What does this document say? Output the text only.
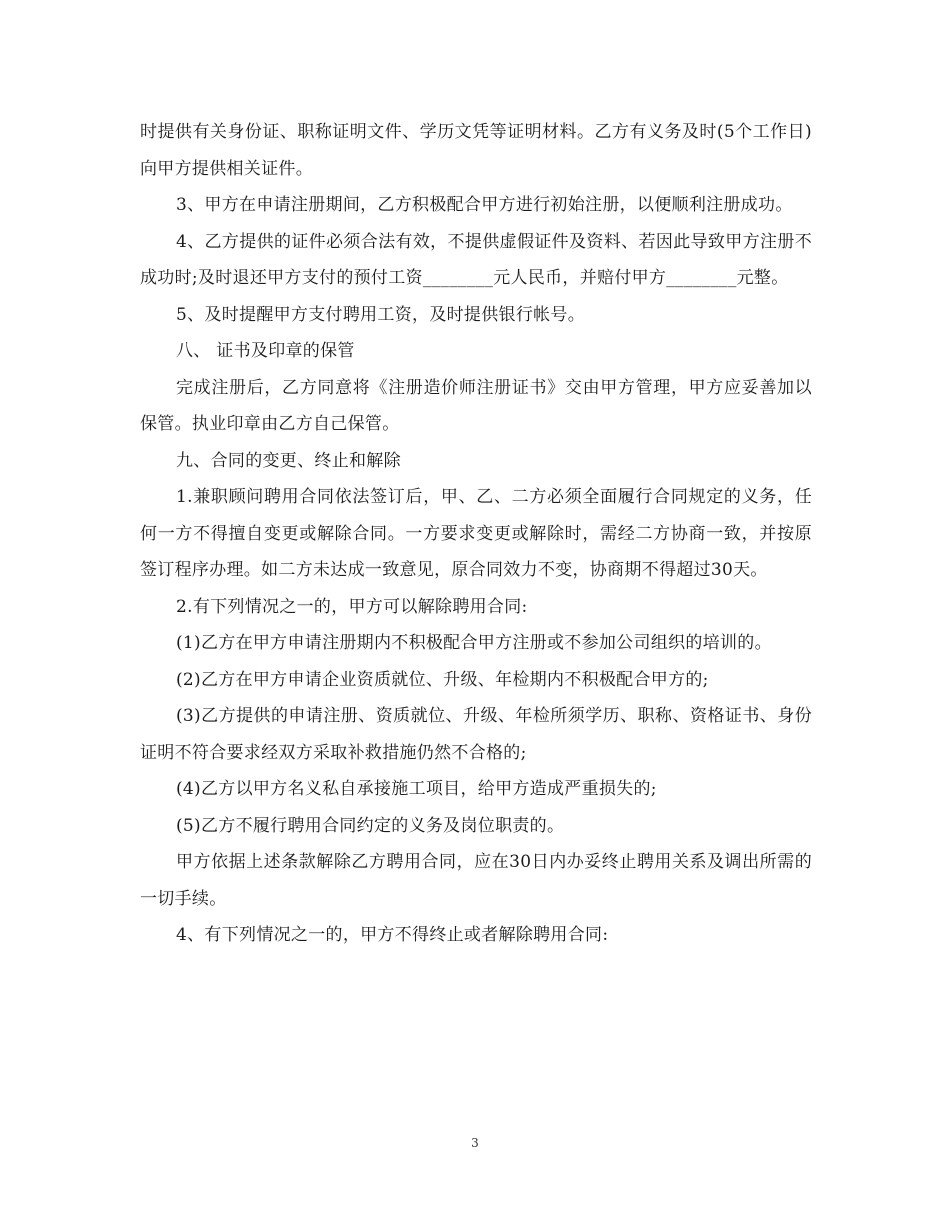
时提供有关身份证、职称证明文件、学历文凭等证明材料。乙方有义务及时(5个工作日)向甲方提供相关证件。

3、甲方在申请注册期间，乙方积极配合甲方进行初始注册，以便顺利注册成功。

4、乙方提供的证件必须合法有效，不提供虚假证件及资料、若因此导致甲方注册不成功时;及时退还甲方支付的预付工资________元人民币，并赔付甲方________元整。

5、及时提醒甲方支付聘用工资，及时提供银行帐号。

八、 证书及印章的保管

完成注册后，乙方同意将《注册造价师注册证书》交由甲方管理，甲方应妥善加以保管。执业印章由乙方自己保管。

九、合同的变更、终止和解除

1.兼职顾问聘用合同依法签订后，甲、乙、二方必须全面履行合同规定的义务，任何一方不得擅自变更或解除合同。一方要求变更或解除时，需经二方协商一致，并按原签订程序办理。如二方未达成一致意见，原合同效力不变，协商期不得超过30天。

2.有下列情况之一的，甲方可以解除聘用合同:

(1)乙方在甲方申请注册期内不积极配合甲方注册或不参加公司组织的培训的。

(2)乙方在甲方申请企业资质就位、升级、年检期内不积极配合甲方的;

(3)乙方提供的申请注册、资质就位、升级、年检所须学历、职称、资格证书、身份证明不符合要求经双方采取补救措施仍然不合格的;

(4)乙方以甲方名义私自承接施工项目，给甲方造成严重损失的;

(5)乙方不履行聘用合同约定的义务及岗位职责的。

甲方依据上述条款解除乙方聘用合同，应在30日内办妥终止聘用关系及调出所需的一切手续。

4、有下列情况之一的，甲方不得终止或者解除聘用合同:

3
